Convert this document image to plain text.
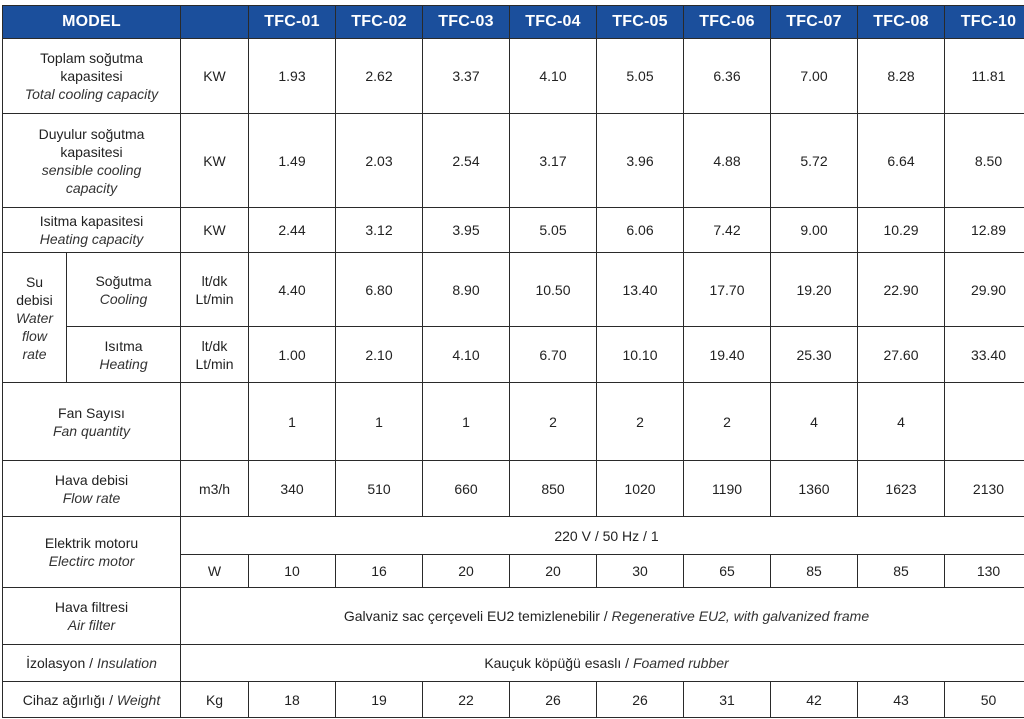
MODEL			TFC-01	TFC-02	TFC-03	TFC-04	TFC-05	TFC-06	TFC-07	TFC-08	TFC-10

Toplam soğutma
kapasitesi
Total cooling capacity		KW	1.93	2.62	3.37	4.10	5.05	6.36	7.00	8.28	11.81

Duyulur soğutma
kapasitesi
sensible cooling
capacity		KW	1.49	2.03	2.54	3.17	3.96	4.88	5.72	6.64	8.50

Isitma kapasitesi
Heating capacity		KW	2.44	3.12	3.95	5.05	6.06	7.42	9.00	10.29	12.89

Su
debisi
Water
flow
rate	Soğutma
Cooling	lt/dk
Lt/min	4.40	6.80	8.90	10.50	13.40	17.70	19.20	22.90	29.90

	Isıtma
Heating	lt/dk
Lt/min	1.00	2.10	4.10	6.70	10.10	19.40	25.30	27.60	33.40

Fan Sayısı
Fan quantity			1	1	1	2	2	2	4	4	

Hava debisi
Flow rate		m3/h	340	510	660	850	1020	1190	1360	1623	2130

Elektrik motoru
Electirc motor		220 V / 50 Hz / 1									
		W	10	16	20	20	30	65	85	85	130

Hava filtresi
Air filter		Galvaniz sac çerçeveli EU2 temizlenebilir / Regenerative EU2, with galvanized frame									
İzolasyon / Insulation		Kauçuk köpüğü esaslı / Foamed rubber									
Cihaz ağırlığı / Weight		Kg	18	19	22	26	26	31	42	43	50
